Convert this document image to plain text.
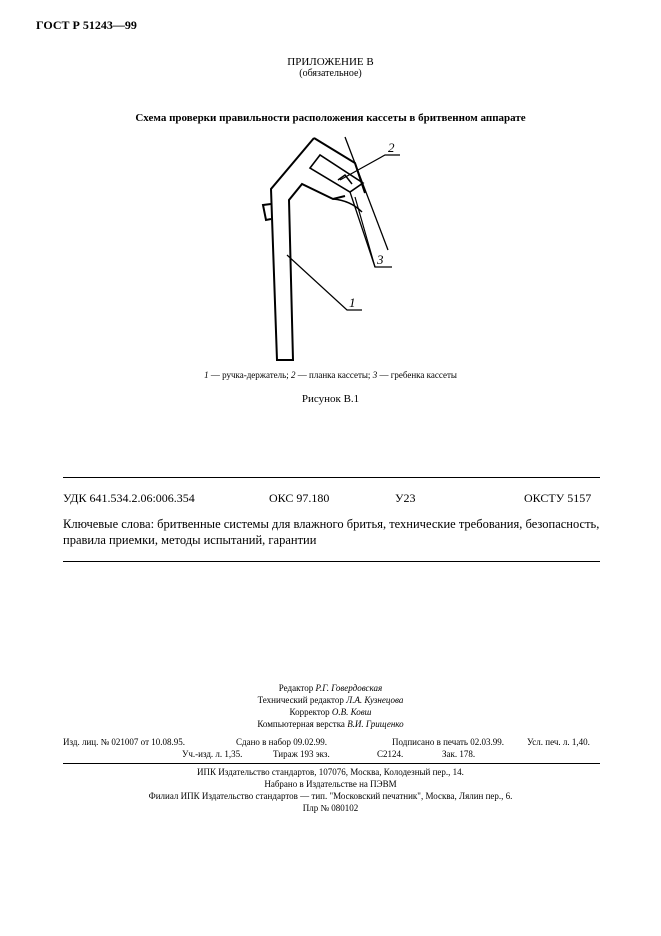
ГОСТ Р 51243—99
ПРИЛОЖЕНИЕ В
(обязательное)
Схема проверки правильности расположения кассеты в бритвенном аппарате
2
3
1
1 — ручка-держатель; 2 — планка кассеты; 3 — гребенка кассеты
Рисунок В.1
УДК 641.534.2.06:006.354	ОКС 97.180	У23	ОКСТУ 5157
Ключевые слова: бритвенные системы для влажного бритья, технические требования, безопасность,
правила приемки, методы испытаний, гарантии
Редактор Р.Г. Говердовская
Технический редактор Л.А. Кузнецова
Корректор О.В. Ковш
Компьютерная верстка В.И. Грищенко
Изд. лиц. № 021007 от 10.08.95.	Сдано в набор 09.02.99.	Подписано в печать 02.03.99.	Усл. печ. л. 1,40.
Уч.-изд. л. 1,35.	Тираж 193 экз.	С2124.	Зак. 178.
ИПК Издательство стандартов, 107076, Москва, Колодезный пер., 14.
Набрано в Издательстве на ПЭВМ
Филиал ИПК Издательство стандартов — тип. "Московский печатник", Москва, Лялин пер., 6.
Плр № 080102
